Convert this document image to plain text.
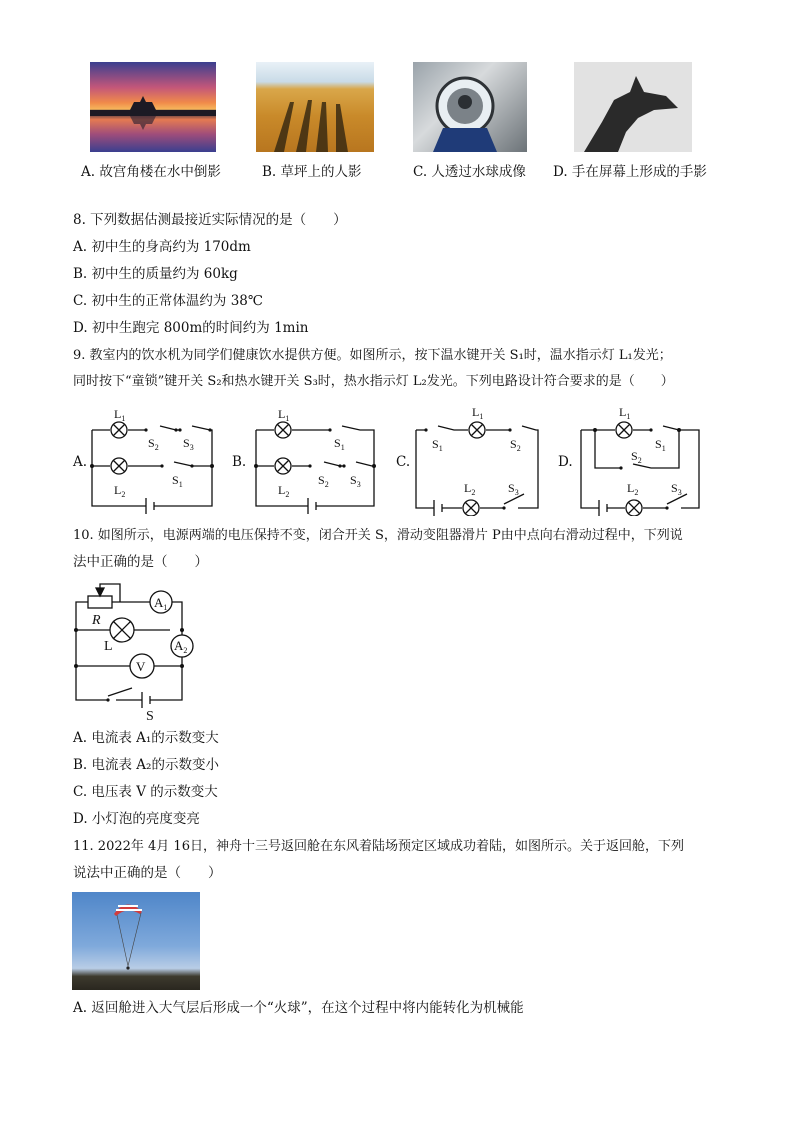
A. 故宫角楼在水中倒影	B. 草坪上的人影	C. 人透过水球成像 D. 手在屏幕上形成的手影
8. 下列数据估测最接近实际情况的是（　　）
A. 初中生的身高约为 170dm
B. 初中生的质量约为 60kg
C. 初中生的正常体温约为 38℃
D. 初中生跑完 800m的时间约为 1min
9. 教室内的饮水机为同学们健康饮水提供方便。如图所示，按下温水键开关 S₁时，温水指示灯 L₁发光；
同时按下“童锁”键开关 S₂和热水键开关 S₃时，热水指示灯 L₂发光。下列电路设计符合要求的是（　　）
A.	B.	C.	D.
$L_1$
$L_2$
$S_2$ $S_3$
$S_1$
$L_1$
$L_2$
$S_1$
$S_2$ $S_3$
$L_1$
$S_1$	$S_2$
$L_2$	$S_3$
$L_1$
$S_1$
$S_2$
$L_2$	$S_3$
10. 如图所示，电源两端的电压保持不变，闭合开关 S，滑动变阻器滑片 P由中点向右滑动过程中，下列说
法中正确的是（　　）
R
L
$A_1$
$A_2$
V
S
A. 电流表 A₁的示数变大
B. 电流表 A₂的示数变小
C. 电压表 V 的示数变大
D. 小灯泡的亮度变亮
11. 2022年 4月 16日，神舟十三号返回舱在东风着陆场预定区域成功着陆，如图所示。关于返回舱，下列
说法中正确的是（　　）
A. 返回舱进入大气层后形成一个“火球”，在这个过程中将内能转化为机械能
